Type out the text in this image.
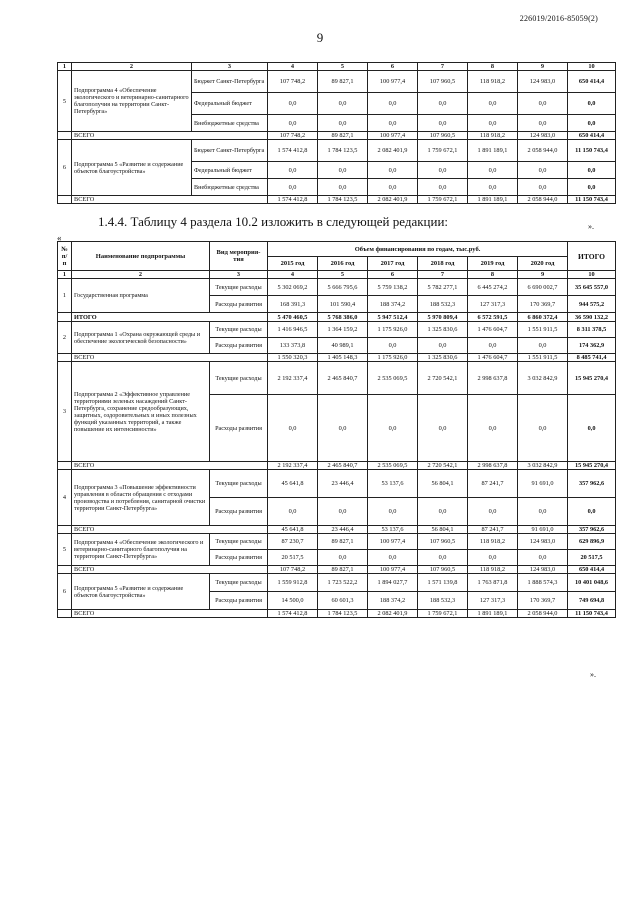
226019/2016-85059(2)
9
1	2	3	4	5	6	7	8	9	10
5	Подпрограмма 4 «Обеспечение экологического и ветеринарно-санитарного благополучия на территории Санкт-Петербурга»	Бюджет Санкт-Петербурга	107 748,2	89 827,1	100 977,4	107 960,5	118 918,2	124 983,0	650 414,4
		Федеральный бюджет	0,0	0,0	0,0	0,0	0,0	0,0	0,0
		Внебюджетные средства	0,0	0,0	0,0	0,0	0,0	0,0	0,0
	ВСЕГО		107 748,2	89 827,1	100 977,4	107 960,5	118 918,2	124 983,0	650 414,4
6	Подпрограмма 5 «Развитие и содержание объектов благоустройства»	Бюджет Санкт-Петербурга	1 574 412,8	1 784 123,5	2 082 401,9	1 759 672,1	1 891 189,1	2 058 944,0	11 150 743,4
		Федеральный бюджет	0,0	0,0	0,0	0,0	0,0	0,0	0,0
		Внебюджетные средства	0,0	0,0	0,0	0,0	0,0	0,0	0,0
	ВСЕГО		1 574 412,8	1 784 123,5	2 082 401,9	1 759 672,1	1 891 189,1	2 058 944,0	11 150 743,4
».
1.4.4. Таблицу 4 раздела 10.2 изложить в следующей редакции:
«
№ п/п	Наименование подпрограммы	Вид мероприя-тия	Объем финансирования по годам, тыс.руб.						ИТОГО
			2015 год	2016 год	2017 год	2018 год	2019 год	2020 год	
1	2	3	4	5	6	7	8	9	10
1	Государственная программа	Текущие расходы	5 302 069,2	5 666 795,6	5 759 138,2	5 782 277,1	6 445 274,2	6 690 002,7	35 645 557,0
		Расходы развития	168 391,3	101 590,4	188 374,2	188 532,3	127 317,3	170 369,7	944 575,2
	ИТОГО		5 470 460,5	5 768 386,0	5 947 512,4	5 970 809,4	6 572 591,5	6 860 372,4	36 590 132,2
2	Подпрограмма 1 «Охрана окружающей среды и обеспечение экологической безопасности»	Текущие расходы	1 416 946,5	1 364 159,2	1 175 926,0	1 325 830,6	1 476 604,7	1 551 911,5	8 311 378,5
		Расходы развития	133 373,8	40 989,1	0,0	0,0	0,0	0,0	174 362,9
	ВСЕГО		1 550 320,3	1 405 148,3	1 175 926,0	1 325 830,6	1 476 604,7	1 551 911,5	8 485 741,4
3	Подпрограмма 2 «Эффективное управление территориями зеленых насаждений Санкт-Петербурга, сохранение средообразующих, защитных, оздоровительных и иных полезных функций указанных территорий, а также повышение их интенсивности»	Текущие расходы	2 192 337,4	2 465 840,7	2 535 069,5	2 720 542,1	2 998 637,8	3 032 842,9	15 945 270,4
		Расходы развития	0,0	0,0	0,0	0,0	0,0	0,0	0,0
	ВСЕГО		2 192 337,4	2 465 840,7	2 535 069,5	2 720 542,1	2 998 637,8	3 032 842,9	15 945 270,4
4	Подпрограмма 3 «Повышение эффективности управления в области обращения с отходами производства и потребления, санитарной очистки территории Санкт-Петербурга»	Текущие расходы	45 641,8	23 446,4	53 137,6	56 804,1	87 241,7	91 691,0	357 962,6
		Расходы развития	0,0	0,0	0,0	0,0	0,0	0,0	0,0
	ВСЕГО		45 641,8	23 446,4	53 137,6	56 804,1	87 241,7	91 691,0	357 962,6
5	Подпрограмма 4 «Обеспечение экологического и ветеринарно-санитарного благополучия на территории Санкт-Петербурга»	Текущие расходы	87 230,7	89 827,1	100 977,4	107 960,5	118 918,2	124 983,0	629 896,9
		Расходы развития	20 517,5	0,0	0,0	0,0	0,0	0,0	20 517,5
	ВСЕГО		107 748,2	89 827,1	100 977,4	107 960,5	118 918,2	124 983,0	650 414,4
6	Подпрограмма 5 «Развитие и содержание объектов благоустройства»	Текущие расходы	1 559 912,8	1 723 522,2	1 894 027,7	1 571 139,8	1 763 871,8	1 888 574,3	10 401 048,6
		Расходы развития	14 500,0	60 601,3	188 374,2	188 532,3	127 317,3	170 369,7	749 694,8
	ВСЕГО		1 574 412,8	1 784 123,5	2 082 401,9	1 759 672,1	1 891 189,1	2 058 944,0	11 150 743,4
».
